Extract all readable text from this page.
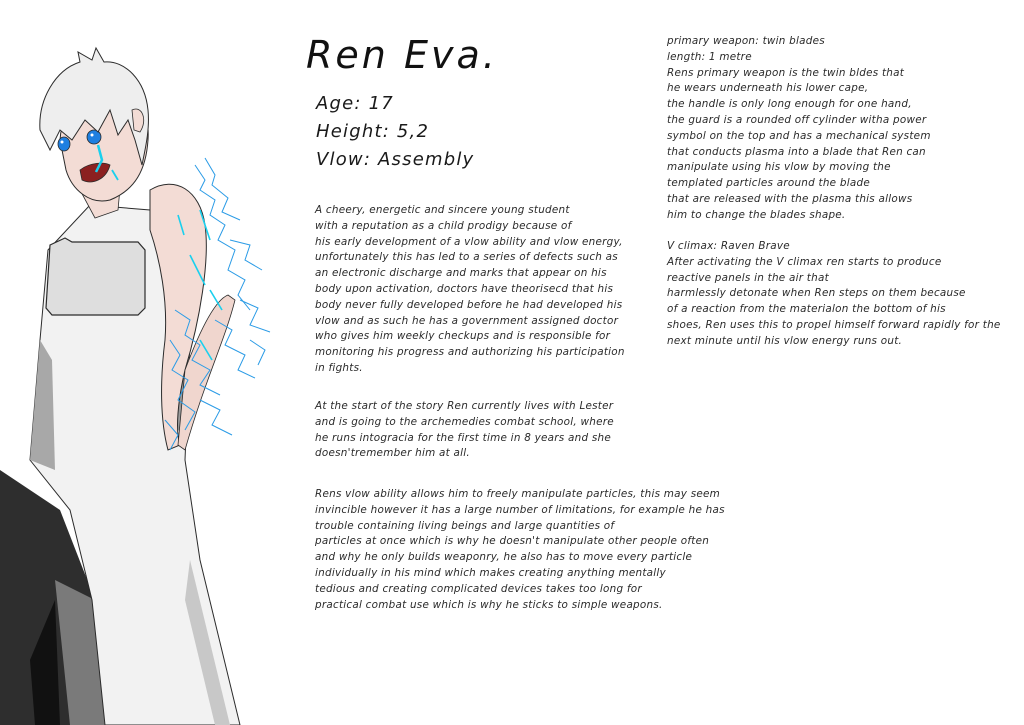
Ren Eva.
Age : 17
Height : 5,2
Vlow : Assembly

A cheery, energetic and sincere young student
with a reputation as a child prodigy because of
his early development of a vlow ability and vlow energy,
unfortunately this has led to a series of defects such as
an electronic discharge and marks that appear on his
body upon activation, doctors have theoriseсd that his
body never fully developed before he had developed his
vlow and as such he has a government assigned doctor
who gives him weekly checkups and is responsible for
monitoring his progress and authorizing his participation
in fights.

At the start of the story Ren currently lives with Lester
and is going to the archemedies combat school, where
he runs intogracia for the first time in 8 years and she
doesn'tremember him at all.

Rens vlow ability allows him to freely manipulate particles, this may seem
invincible however it has a large number of limitations, for example he has
trouble containing living beings and large quantities of
particles at once which is why he doesn't manipulate other people often
and why he only builds weaponry, he also has to move every particle
individually in his mind which makes creating anything mentally
tedious and creating complicated devices takes too long for
practical combat use which is why he sticks to simple weapons.

primary weapon: twin blades
length: 1 metre
Rens primary weapon is the twin bldes that
he wears underneath his lower cape,
the handle is only long enough for one hand,
the guard is a rounded off cylinder witha power
symbol on the top and has a mechanical system
that conducts plasma into a blade that Ren can
manipulate using his vlow by moving the
templated particles around the blade
that are released with the plasma this allows
him to change the blades shape.

V climax: Raven Brave
After activating the V climax ren starts to produce
reactive panels in the air that
harmlessly detonate when Ren steps on them because
of a reaction from the materialon the bottom of his
shoes, Ren uses this to propel himself forward rapidly for the
next minute until his vlow energy runs out.
